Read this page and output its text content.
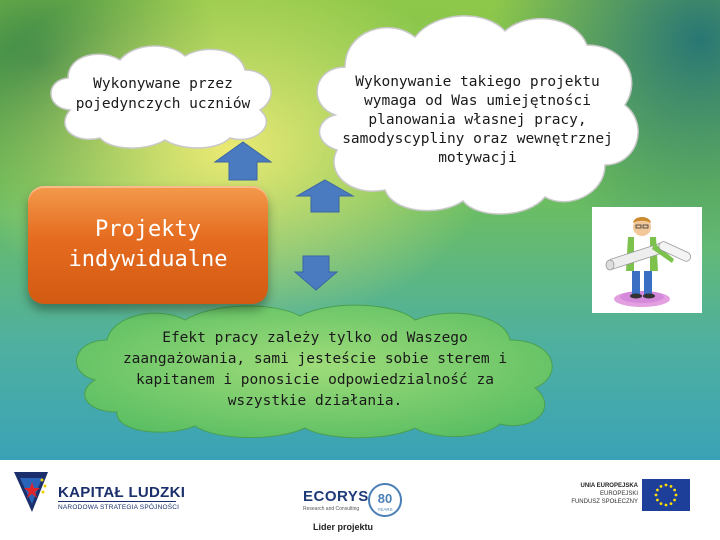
Wykonywane przez pojedynczych uczniów
Wykonywanie takiego projektu wymaga od Was umiejętności planowania własnej pracy, samodyscypliny oraz wewnętrznej motywacji
Efekt pracy zależy tylko od Waszego zaangażowania, sami jesteście sobie sterem i kapitanem i ponosicie odpowiedzialność za wszystkie działania.
Projekty indywidualne
KAPITAŁ LUDZKI
NARODOWA STRATEGIA SPÓJNOŚCI
ECORYS
Research and Consulting
80
YEARS
Lider projektu
UNIA EUROPEJSKA
EUROPEJSKI
FUNDUSZ SPOŁECZNY
